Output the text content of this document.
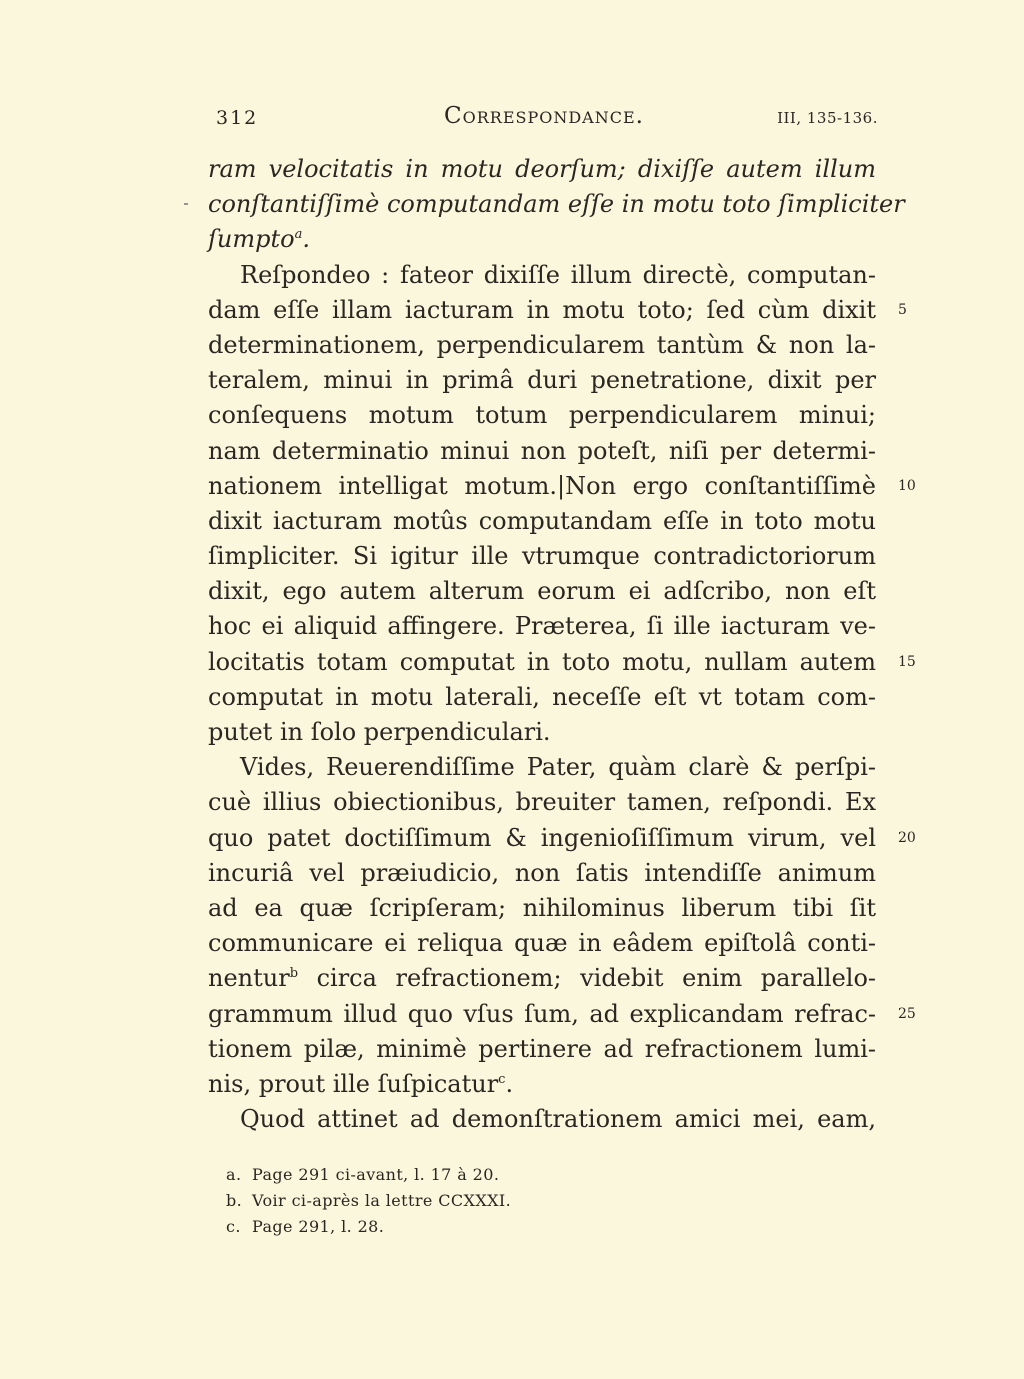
312	Correspondance.	III, 135-136.
ram velocitatis in motu deorſum; dixiſſe autem illum
conſtantiſſimè computandam eſſe in motu toto ſimpliciter
ſumpto$^a$.
Reſpondeo : fateor dixiſſe illum directè, computan-
dam eſſe illam iacturam in motu toto; ſed cùm dixit
determinationem, perpendicularem tantùm & non la-
teralem, minui in primâ duri penetratione, dixit per
conſequens motum totum perpendicularem minui;
nam determinatio minui non poteſt, niſi per determi-
nationem intelligat motum.|Non ergo conſtantiſſimè
dixit iacturam motûs computandam eſſe in toto motu
ſimpliciter. Si igitur ille vtrumque contradictoriorum
dixit, ego autem alterum eorum ei adſcribo, non eſt
hoc ei aliquid affingere. Præterea, ſi ille iacturam ve-
locitatis totam computat in toto motu, nullam autem
computat in motu laterali, neceſſe eſt vt totam com-
putet in ſolo perpendiculari.
Vides, Reuerendiſſime Pater, quàm clarè & perſpi-
cuè illius obiectionibus, breuiter tamen, reſpondi. Ex
quo patet doctiſſimum & ingenioſiſſimum virum, vel
incuriâ vel præiudicio, non ſatis intendiſſe animum
ad ea quæ ſcripſeram; nihilominus liberum tibi ſit
communicare ei reliqua quæ in eâdem epiſtolâ conti-
nentur$^b$ circa refractionem; videbit enim parallelo-
grammum illud quo vſus ſum, ad explicandam refrac-
tionem pilæ, minimè pertinere ad refractionem lumi-
nis, prout ille ſuſpicatur$^c$.
Quod attinet ad demonſtrationem amici mei, eam,
5
10
15
20
25
a. Page 291 ci-avant, l. 17 à 20.
b. Voir ci-après la lettre CCXXXI.
c. Page 291, l. 28.
